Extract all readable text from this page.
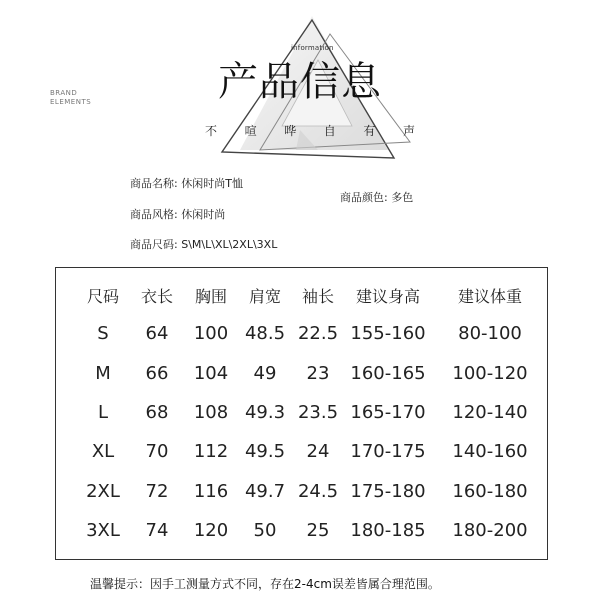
BRAND
ELEMENTS
information
产品信息
不 喧 哗 自 有 声
商品名称: 休闲时尚T恤
商品风格: 休闲时尚
商品尺码: S\M\L\XL\2XL\3XL
商品颜色: 多色
尺码 衣长 胸围 肩宽 袖长 建议身高 建议体重
S 64 100 48.5 22.5 155-160 80-100
M 66 104 49 23 160-165 100-120
L 68 108 49.3 23.5 165-170 120-140
XL 70 112 49.5 24 170-175 140-160
2XL 72 116 49.7 24.5 175-180 160-180
3XL 74 120 50 25 180-185 180-200
温馨提示：因手工测量方式不同，存在2-4cm误差皆属合理范围。
